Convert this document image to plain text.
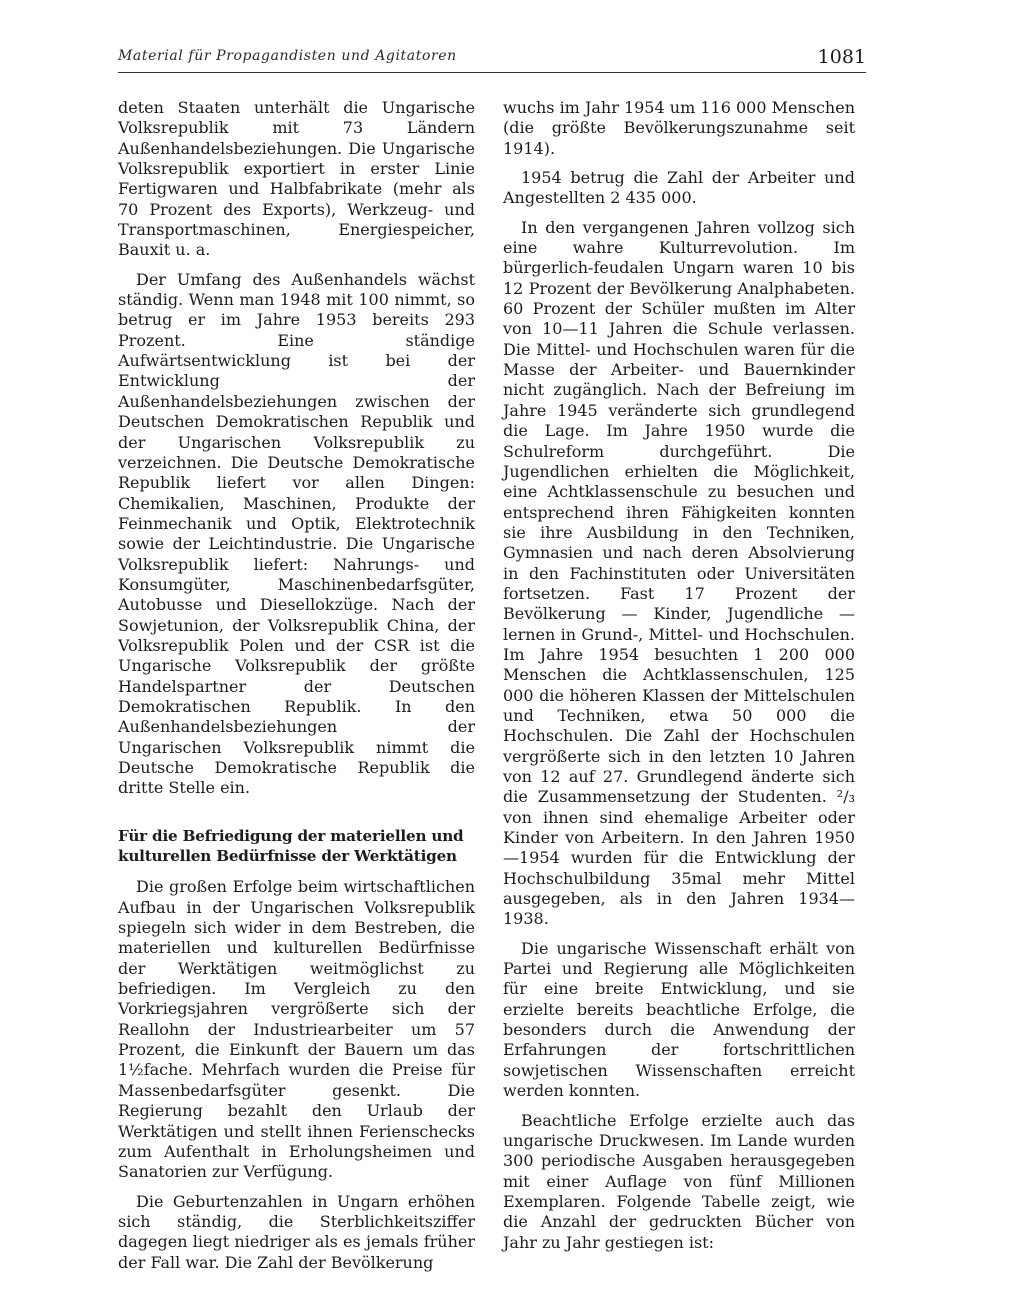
Material für Propagandisten und Agitatoren	1081

deten Staaten unterhält die Ungarische Volksrepublik mit 73 Ländern Außenhandelsbeziehungen. Die Ungarische Volksrepublik exportiert in erster Linie Fertigwaren und Halbfabrikate (mehr als 70 Prozent des Exports), Werkzeug- und Transportmaschinen, Energiespeicher, Bauxit u. a.

Der Umfang des Außenhandels wächst ständig. Wenn man 1948 mit 100 nimmt, so betrug er im Jahre 1953 bereits 293 Prozent. Eine ständige Aufwärtsentwicklung ist bei der Entwicklung der Außenhandelsbeziehungen zwischen der Deutschen Demokratischen Republik und der Ungarischen Volksrepublik zu verzeichnen. Die Deutsche Demokratische Republik liefert vor allen Dingen: Chemikalien, Maschinen, Produkte der Feinmechanik und Optik, Elektrotechnik sowie der Leichtindustrie. Die Ungarische Volksrepublik liefert: Nahrungs- und Konsumgüter, Maschinenbedarfsgüter, Autobusse und Diesellokzüge. Nach der Sowjetunion, der Volksrepublik China, der Volksrepublik Polen und der CSR ist die Ungarische Volksrepublik der größte Handelspartner der Deutschen Demokratischen Republik. In den Außenhandelsbeziehungen der Ungarischen Volksrepublik nimmt die Deutsche Demokratische Republik die dritte Stelle ein.

Für die Befriedigung der materiellen und
kulturellen Bedürfnisse der Werktätigen

Die großen Erfolge beim wirtschaftlichen Aufbau in der Ungarischen Volksrepublik spiegeln sich wider in dem Bestreben, die materiellen und kulturellen Bedürfnisse der Werktätigen weitmöglichst zu befriedigen. Im Vergleich zu den Vorkriegsjahren vergrößerte sich der Reallohn der Industriearbeiter um 57 Prozent, die Einkunft der Bauern um das 1½fache. Mehrfach wurden die Preise für Massenbedarfsgüter gesenkt. Die Regierung bezahlt den Urlaub der Werktätigen und stellt ihnen Ferienschecks zum Aufenthalt in Erholungsheimen und Sanatorien zur Verfügung.

Die Geburtenzahlen in Ungarn erhöhen sich ständig, die Sterblichkeitsziffer dagegen liegt niedriger als es jemals früher der Fall war. Die Zahl der Bevölkerung

wuchs im Jahr 1954 um 116 000 Menschen (die größte Bevölkerungszunahme seit 1914).

1954 betrug die Zahl der Arbeiter und Angestellten 2 435 000.

In den vergangenen Jahren vollzog sich eine wahre Kulturrevolution. Im bürgerlich-feudalen Ungarn waren 10 bis 12 Prozent der Bevölkerung Analphabeten. 60 Prozent der Schüler mußten im Alter von 10—11 Jahren die Schule verlassen. Die Mittel- und Hochschulen waren für die Masse der Arbeiter- und Bauernkinder nicht zugänglich. Nach der Befreiung im Jahre 1945 veränderte sich grundlegend die Lage. Im Jahre 1950 wurde die Schulreform durchgeführt. Die Jugendlichen erhielten die Möglichkeit, eine Achtklassenschule zu besuchen und entsprechend ihren Fähigkeiten konnten sie ihre Ausbildung in den Techniken, Gymnasien und nach deren Absolvierung in den Fachinstituten oder Universitäten fortsetzen. Fast 17 Prozent der Bevölkerung — Kinder, Jugendliche — lernen in Grund-, Mittel- und Hochschulen. Im Jahre 1954 besuchten 1 200 000 Menschen die Achtklassenschulen, 125 000 die höheren Klassen der Mittelschulen und Techniken, etwa 50 000 die Hochschulen. Die Zahl der Hochschulen vergrößerte sich in den letzten 10 Jahren von 12 auf 27. Grundlegend änderte sich die Zusammensetzung der Studenten. ²/₃ von ihnen sind ehemalige Arbeiter oder Kinder von Arbeitern. In den Jahren 1950—1954 wurden für die Entwicklung der Hochschulbildung 35mal mehr Mittel ausgegeben, als in den Jahren 1934—1938.

Die ungarische Wissenschaft erhält von Partei und Regierung alle Möglichkeiten für eine breite Entwicklung, und sie erzielte bereits beachtliche Erfolge, die besonders durch die Anwendung der Erfahrungen der fortschrittlichen sowjetischen Wissenschaften erreicht werden konnten.

Beachtliche Erfolge erzielte auch das ungarische Druckwesen. Im Lande wurden 300 periodische Ausgaben herausgegeben mit einer Auflage von fünf Millionen Exemplaren. Folgende Tabelle zeigt, wie die Anzahl der gedruckten Bücher von Jahr zu Jahr gestiegen ist:
